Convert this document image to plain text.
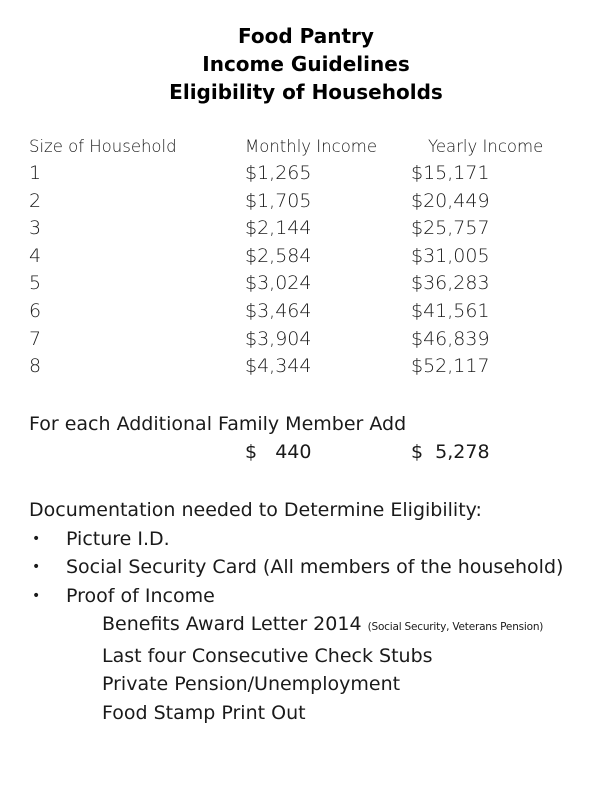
Food Pantry
Income Guidelines
Eligibility of Households
Size of Household	Monthly Income	Yearly Income
1	$1,265	$15,171
2	$1,705	$20,449
3	$2,144	$25,757
4	$2,584	$31,005
5	$3,024	$36,283
6	$3,464	$41,561
7	$3,904	$46,839
8	$4,344	$52,117
For each Additional Family Member Add
$   440	$  5,278
Documentation needed to Determine Eligibility:
• Picture I.D.
• Social Security Card (All members of the household)
• Proof of Income
Benefits Award Letter 2014 (Social Security, Veterans Pension)
Last four Consecutive Check Stubs
Private Pension/Unemployment
Food Stamp Print Out
